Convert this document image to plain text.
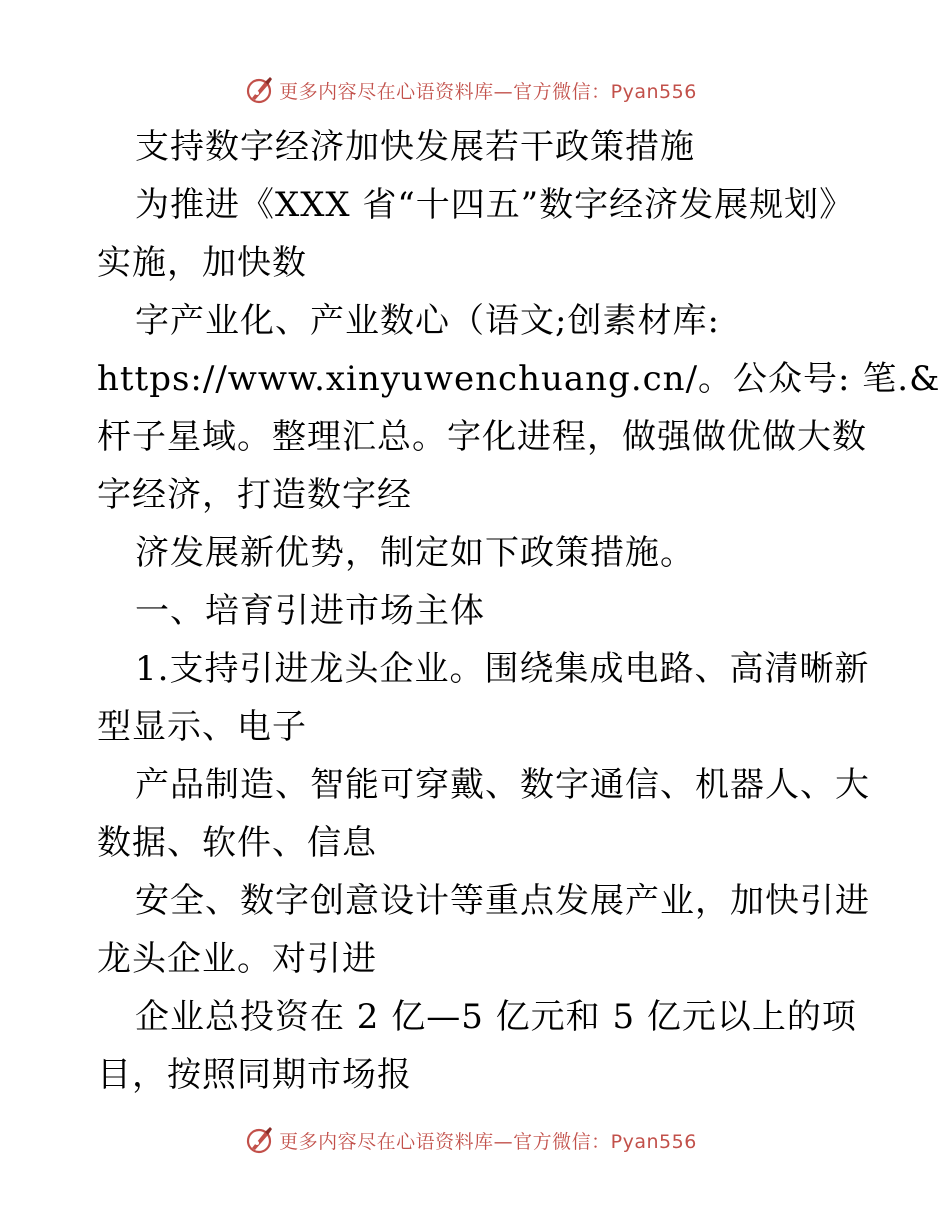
更多内容尽在心语资料库—官方微信：Pyan556
支持数字经济加快发展若干政策措施
为推进《XXX 省“十四五”数字经济发展规划》
实施，加快数
字产业化、产业数心（语文;创素材库:
https://www.xinyuwenchuang.cn/。公众号: 笔.&
杆子星域。整理汇总。字化进程，做强做优做大数
字经济，打造数字经
济发展新优势，制定如下政策措施。
一、培育引进市场主体
1.支持引进龙头企业。围绕集成电路、高清晰新
型显示、电子
产品制造、智能可穿戴、数字通信、机器人、大
数据、软件、信息
安全、数字创意设计等重点发展产业，加快引进
龙头企业。对引进
企业总投资在 2 亿—5 亿元和 5 亿元以上的项
目，按照同期市场报
更多内容尽在心语资料库—官方微信：Pyan556
